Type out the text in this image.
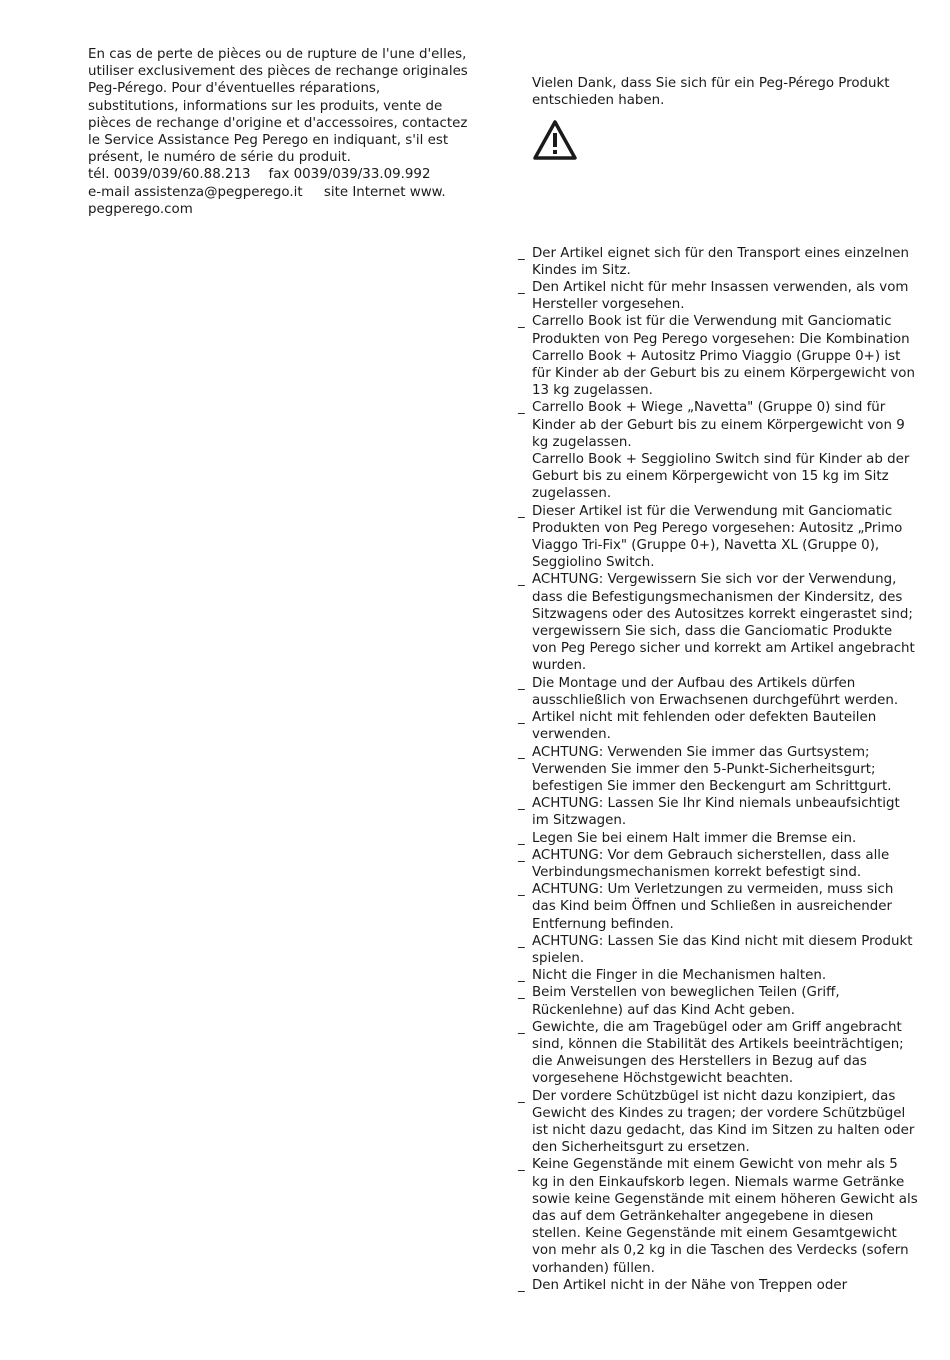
En cas de perte de pièces ou de rupture de l'une d'elles, utiliser exclusivement des pièces de rechange originales Peg-Pérego. Pour d'éventuelles réparations, substitutions, informations sur les produits, vente de pièces de rechange d'origine et d'accessoires, contactez le Service Assistance Peg Perego en indiquant, s'il est présent, le numéro de série du produit.

tél. 0039/039/60.88.213 fax 0039/039/33.09.992

e-mail assistenza@pegperego.it site Internet www. pegperego.com

Vielen Dank, dass Sie sich für ein Peg-Pérego Produkt entschieden haben.

_ Der Artikel eignet sich für den Transport eines einzelnen Kindes im Sitz.
_ Den Artikel nicht für mehr Insassen verwenden, als vom Hersteller vorgesehen.
_ Carrello Book ist für die Verwendung mit Ganciomatic Produkten von Peg Perego vorgesehen: Die Kombination Carrello Book + Autositz Primo Viaggio (Gruppe 0+) ist für Kinder ab der Geburt bis zu einem Körpergewicht von 13 kg zugelassen.
_ Carrello Book + Wiege „Navetta" (Gruppe 0) sind für Kinder ab der Geburt bis zu einem Körpergewicht von 9 kg zugelassen.
Carrello Book + Seggiolino Switch sind für Kinder ab der Geburt bis zu einem Körpergewicht von 15 kg im Sitz zugelassen.
_ Dieser Artikel ist für die Verwendung mit Ganciomatic Produkten von Peg Perego vorgesehen: Autositz „Primo Viaggo Tri-Fix" (Gruppe 0+), Navetta XL (Gruppe 0), Seggiolino Switch.
_ ACHTUNG: Vergewissern Sie sich vor der Verwendung, dass die Befestigungsmechanismen der Kindersitz, des Sitzwagens oder des Autositzes korrekt eingerastet sind; vergewissern Sie sich, dass die Ganciomatic Produkte von Peg Perego sicher und korrekt am Artikel angebracht wurden.
_ Die Montage und der Aufbau des Artikels dürfen ausschließlich von Erwachsenen durchgeführt werden.
_ Artikel nicht mit fehlenden oder defekten Bauteilen verwenden.
_ ACHTUNG: Verwenden Sie immer das Gurtsystem; Verwenden Sie immer den 5-Punkt-Sicherheitsgurt; befestigen Sie immer den Beckengurt am Schrittgurt.
_ ACHTUNG: Lassen Sie Ihr Kind niemals unbeaufsichtigt im Sitzwagen.
_ Legen Sie bei einem Halt immer die Bremse ein.
_ ACHTUNG: Vor dem Gebrauch sicherstellen, dass alle Verbindungsmechanismen korrekt befestigt sind.
_ ACHTUNG: Um Verletzungen zu vermeiden, muss sich das Kind beim Öffnen und Schließen in ausreichender Entfernung befinden.
_ ACHTUNG: Lassen Sie das Kind nicht mit diesem Produkt spielen.
_ Nicht die Finger in die Mechanismen halten.
_ Beim Verstellen von beweglichen Teilen (Griff, Rückenlehne) auf das Kind Acht geben.
_ Gewichte, die am Tragebügel oder am Griff angebracht sind, können die Stabilität des Artikels beeinträchtigen; die Anweisungen des Herstellers in Bezug auf das vorgesehene Höchstgewicht beachten.
_ Der vordere Schützbügel ist nicht dazu konzipiert, das Gewicht des Kindes zu tragen; der vordere Schützbügel ist nicht dazu gedacht, das Kind im Sitzen zu halten oder den Sicherheitsgurt zu ersetzen.
_ Keine Gegenstände mit einem Gewicht von mehr als 5 kg in den Einkaufskorb legen. Niemals warme Getränke sowie keine Gegenstände mit einem höheren Gewicht als das auf dem Getränkehalter angegebene in diesen stellen. Keine Gegenstände mit einem Gesamtgewicht von mehr als 0,2 kg in die Taschen des Verdecks (sofern vorhanden) füllen.
_ Den Artikel nicht in der Nähe von Treppen oder
